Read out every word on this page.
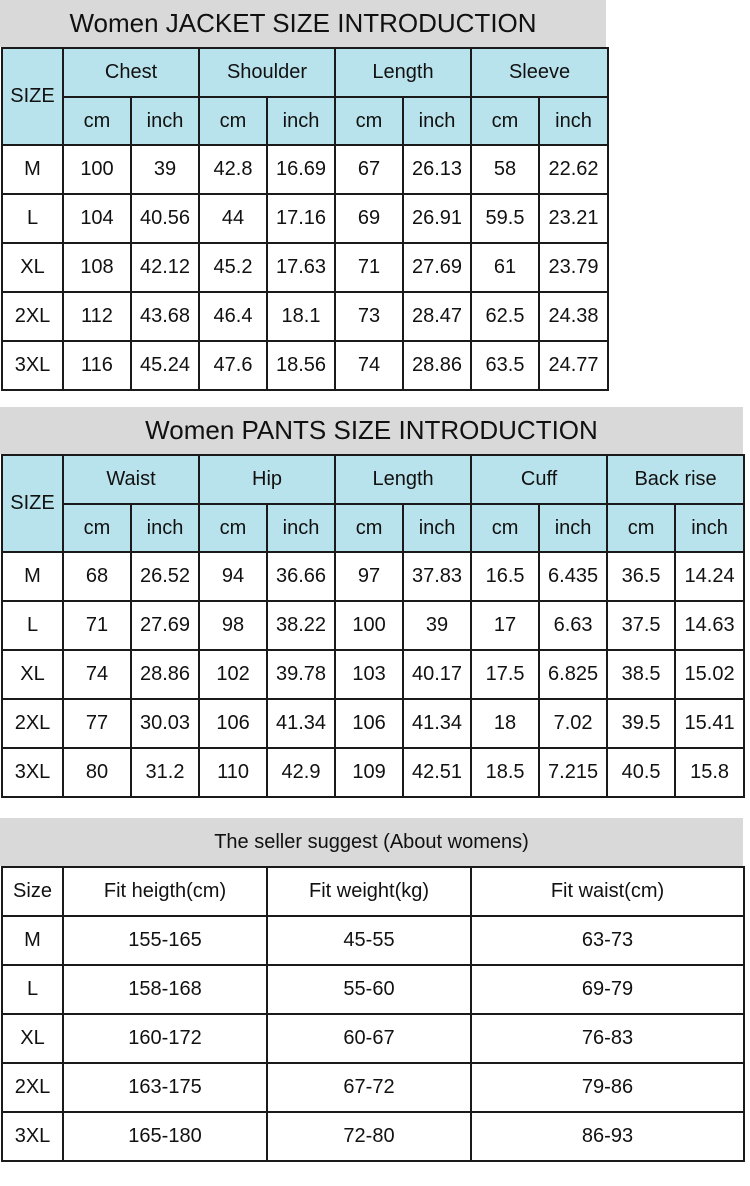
Women JACKET SIZE INTRODUCTION
SIZE	Chest		Shoulder		Length		Sleeve	
	cm	inch	cm	inch	cm	inch	cm	inch
M	100	39	42.8	16.69	67	26.13	58	22.62
L	104	40.56	44	17.16	69	26.91	59.5	23.21
XL	108	42.12	45.2	17.63	71	27.69	61	23.79
2XL	112	43.68	46.4	18.1	73	28.47	62.5	24.38
3XL	116	45.24	47.6	18.56	74	28.86	63.5	24.77
Women PANTS SIZE INTRODUCTION
SIZE	Waist		Hip		Length		Cuff		Back rise	
	cm	inch	cm	inch	cm	inch	cm	inch	cm	inch
M	68	26.52	94	36.66	97	37.83	16.5	6.435	36.5	14.24
L	71	27.69	98	38.22	100	39	17	6.63	37.5	14.63
XL	74	28.86	102	39.78	103	40.17	17.5	6.825	38.5	15.02
2XL	77	30.03	106	41.34	106	41.34	18	7.02	39.5	15.41
3XL	80	31.2	110	42.9	109	42.51	18.5	7.215	40.5	15.8
The seller suggest (About womens)
Size	Fit heigth(cm)	Fit weight(kg)	Fit waist(cm)
M	155-165	45-55	63-73
L	158-168	55-60	69-79
XL	160-172	60-67	76-83
2XL	163-175	67-72	79-86
3XL	165-180	72-80	86-93
